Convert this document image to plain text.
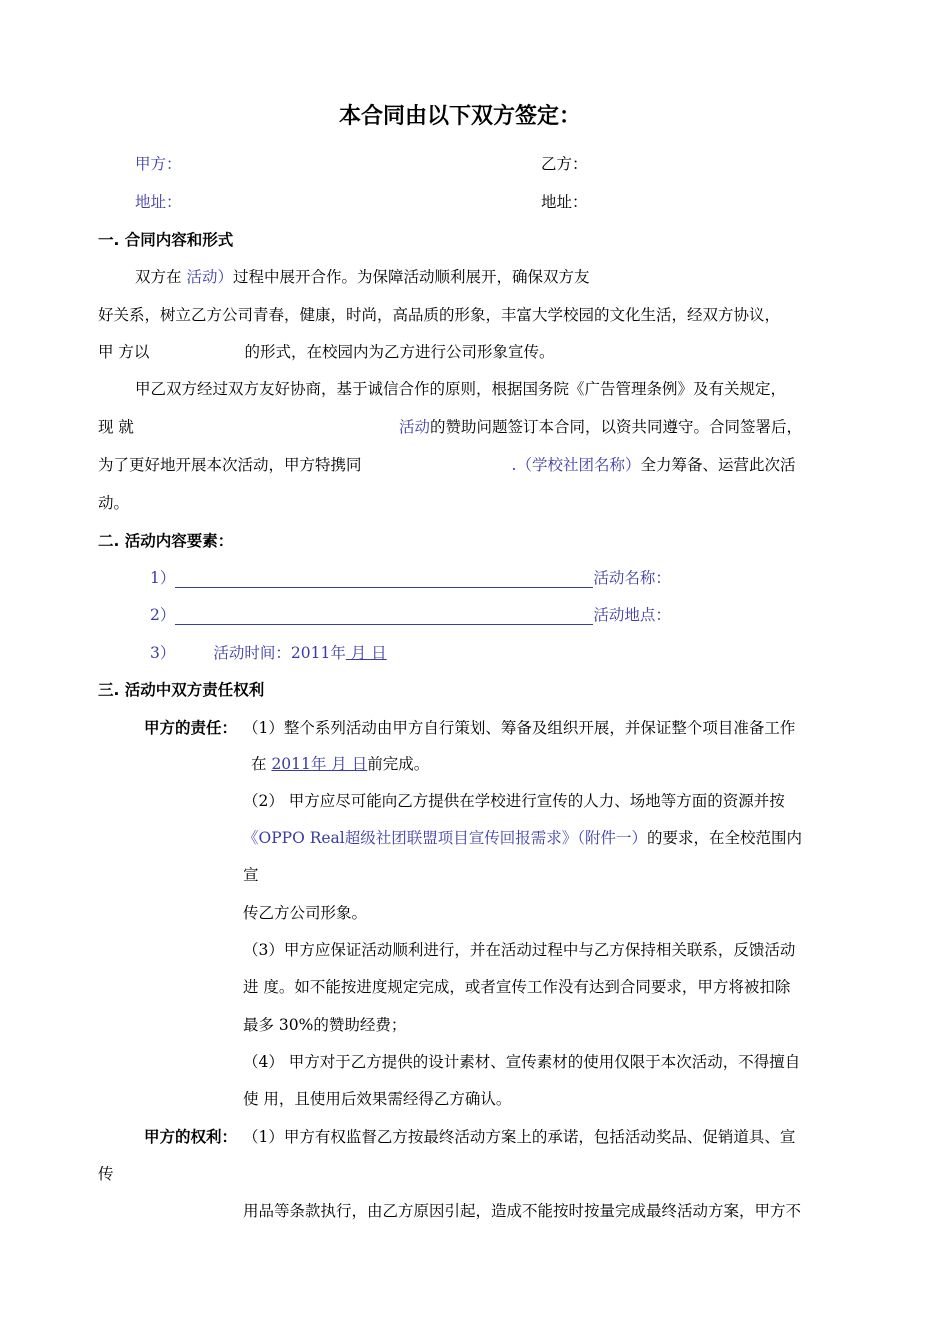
本合同由以下双方签定：
甲方：	乙方：
地址：	地址：
一. 合同内容和形式
双方在 活动）过程中展开合作。为保障活动顺利展开，确保双方友
好关系，树立乙方公司青春，健康，时尚，高品质的形象，丰富大学校园的文化生活，经双方协议，
甲 方以	的形式，在校园内为乙方进行公司形象宣传。
甲乙双方经过双方友好协商，基于诚信合作的原则，根据国务院《广告管理条例》及有关规定，
现 就	活动的赞助问题签订本合同，以资共同遵守。合同签署后，
为了更好地开展本次活动，甲方特携同	.（学校社团名称）全力筹备、运营此次活
动。
二. 活动内容要素：
1）	活动名称：
2）	活动地点：
3） 活动时间：2011年 月 日
三. 活动中双方责任权利
甲方的责任： （1）整个系列活动由甲方自行策划、筹备及组织开展，并保证整个项目准备工作
在 2011年 月 日前完成。
（2） 甲方应尽可能向乙方提供在学校进行宣传的人力、场地等方面的资源并按
《OPPO Real超级社团联盟项目宣传回报需求》（附件一）的要求，在全校范围内
宣
传乙方公司形象。
（3）甲方应保证活动顺利进行，并在活动过程中与乙方保持相关联系，反馈活动
进 度。如不能按进度规定完成，或者宣传工作没有达到合同要求，甲方将被扣除
最多 30%的赞助经费；
（4） 甲方对于乙方提供的设计素材、宣传素材的使用仅限于本次活动，不得擅自
使 用，且使用后效果需经得乙方确认。
甲方的权利： （1）甲方有权监督乙方按最终活动方案上的承诺，包括活动奖品、促销道具、宣
传
用品等条款执行，由乙方原因引起，造成不能按时按量完成最终活动方案，甲方不
